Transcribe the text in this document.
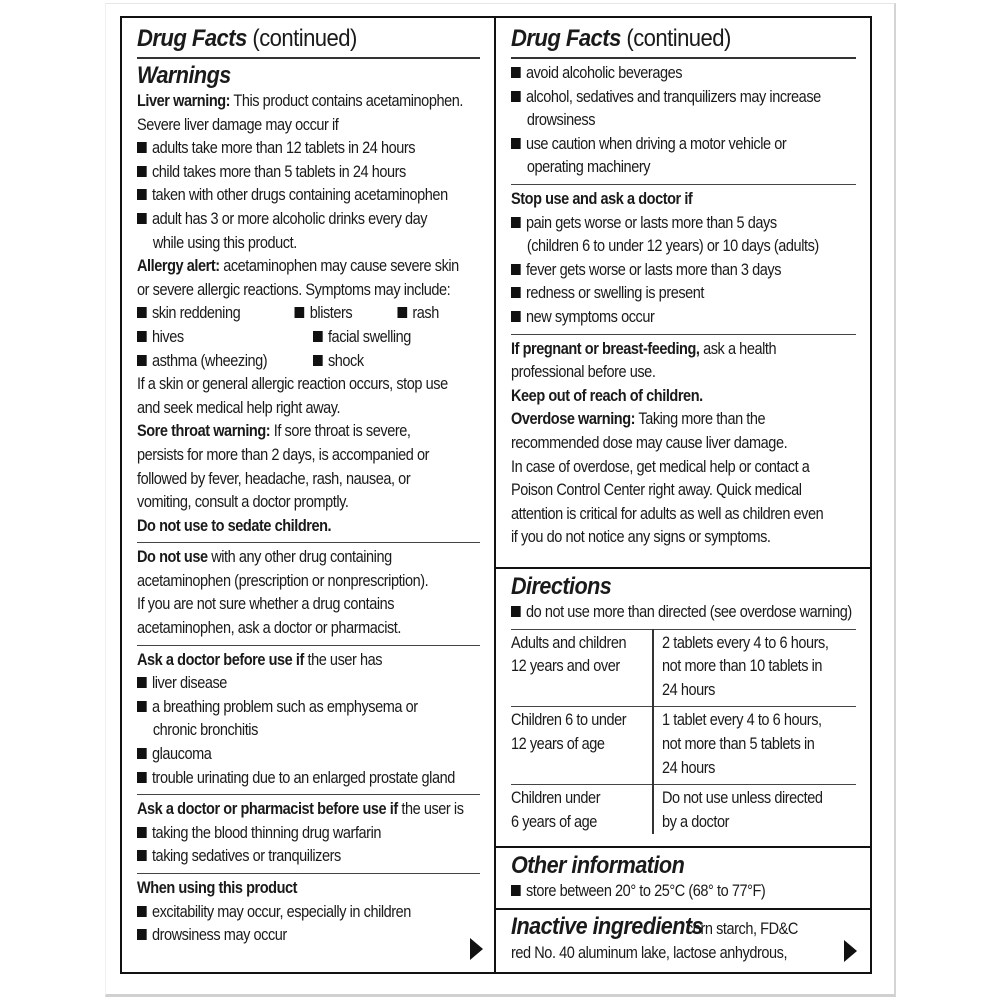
Drug Facts (continued)
Warnings
Liver warning: This product contains acetaminophen.
Severe liver damage may occur if
adults take more than 12 tablets in 24 hours
child takes more than 5 tablets in 24 hours
taken with other drugs containing acetaminophen
adult has 3 or more alcoholic drinks every day
while using this product.
Allergy alert: acetaminophen may cause severe skin
or severe allergic reactions. Symptoms may include:
skin reddening	blisters	rash
hives	facial swelling
asthma (wheezing)	shock
If a skin or general allergic reaction occurs, stop use
and seek medical help right away.
Sore throat warning: If sore throat is severe,
persists for more than 2 days, is accompanied or
followed by fever, headache, rash, nausea, or
vomiting, consult a doctor promptly.
Do not use to sedate children.
Do not use with any other drug containing
acetaminophen (prescription or nonprescription).
If you are not sure whether a drug contains
acetaminophen, ask a doctor or pharmacist.
Ask a doctor before use if the user has
liver disease
a breathing problem such as emphysema or
chronic bronchitis
glaucoma
trouble urinating due to an enlarged prostate gland
Ask a doctor or pharmacist before use if the user is
taking the blood thinning drug warfarin
taking sedatives or tranquilizers
When using this product
excitability may occur, especially in children
drowsiness may occur
Drug Facts (continued)
avoid alcoholic beverages
alcohol, sedatives and tranquilizers may increase
drowsiness
use caution when driving a motor vehicle or
operating machinery
Stop use and ask a doctor if
pain gets worse or lasts more than 5 days
(children 6 to under 12 years) or 10 days (adults)
fever gets worse or lasts more than 3 days
redness or swelling is present
new symptoms occur
If pregnant or breast-feeding, ask a health
professional before use.
Keep out of reach of children.
Overdose warning: Taking more than the
recommended dose may cause liver damage.
In case of overdose, get medical help or contact a
Poison Control Center right away. Quick medical
attention is critical for adults as well as children even
if you do not notice any signs or symptoms.
Directions
do not use more than directed (see overdose warning)
Adults and children
12 years and over

2 tablets every 4 to 6 hours,
not more than 10 tablets in
24 hours

Children 6 to under
12 years of age

1 tablet every 4 to 6 hours,
not more than 5 tablets in
24 hours

Children under
6 years of age

Do not use unless directed
by a doctor
Other information
store between 20° to 25°C (68° to 77°F)
Inactive ingredients
corn starch, FD&C
red No. 40 aluminum lake, lactose anhydrous,
